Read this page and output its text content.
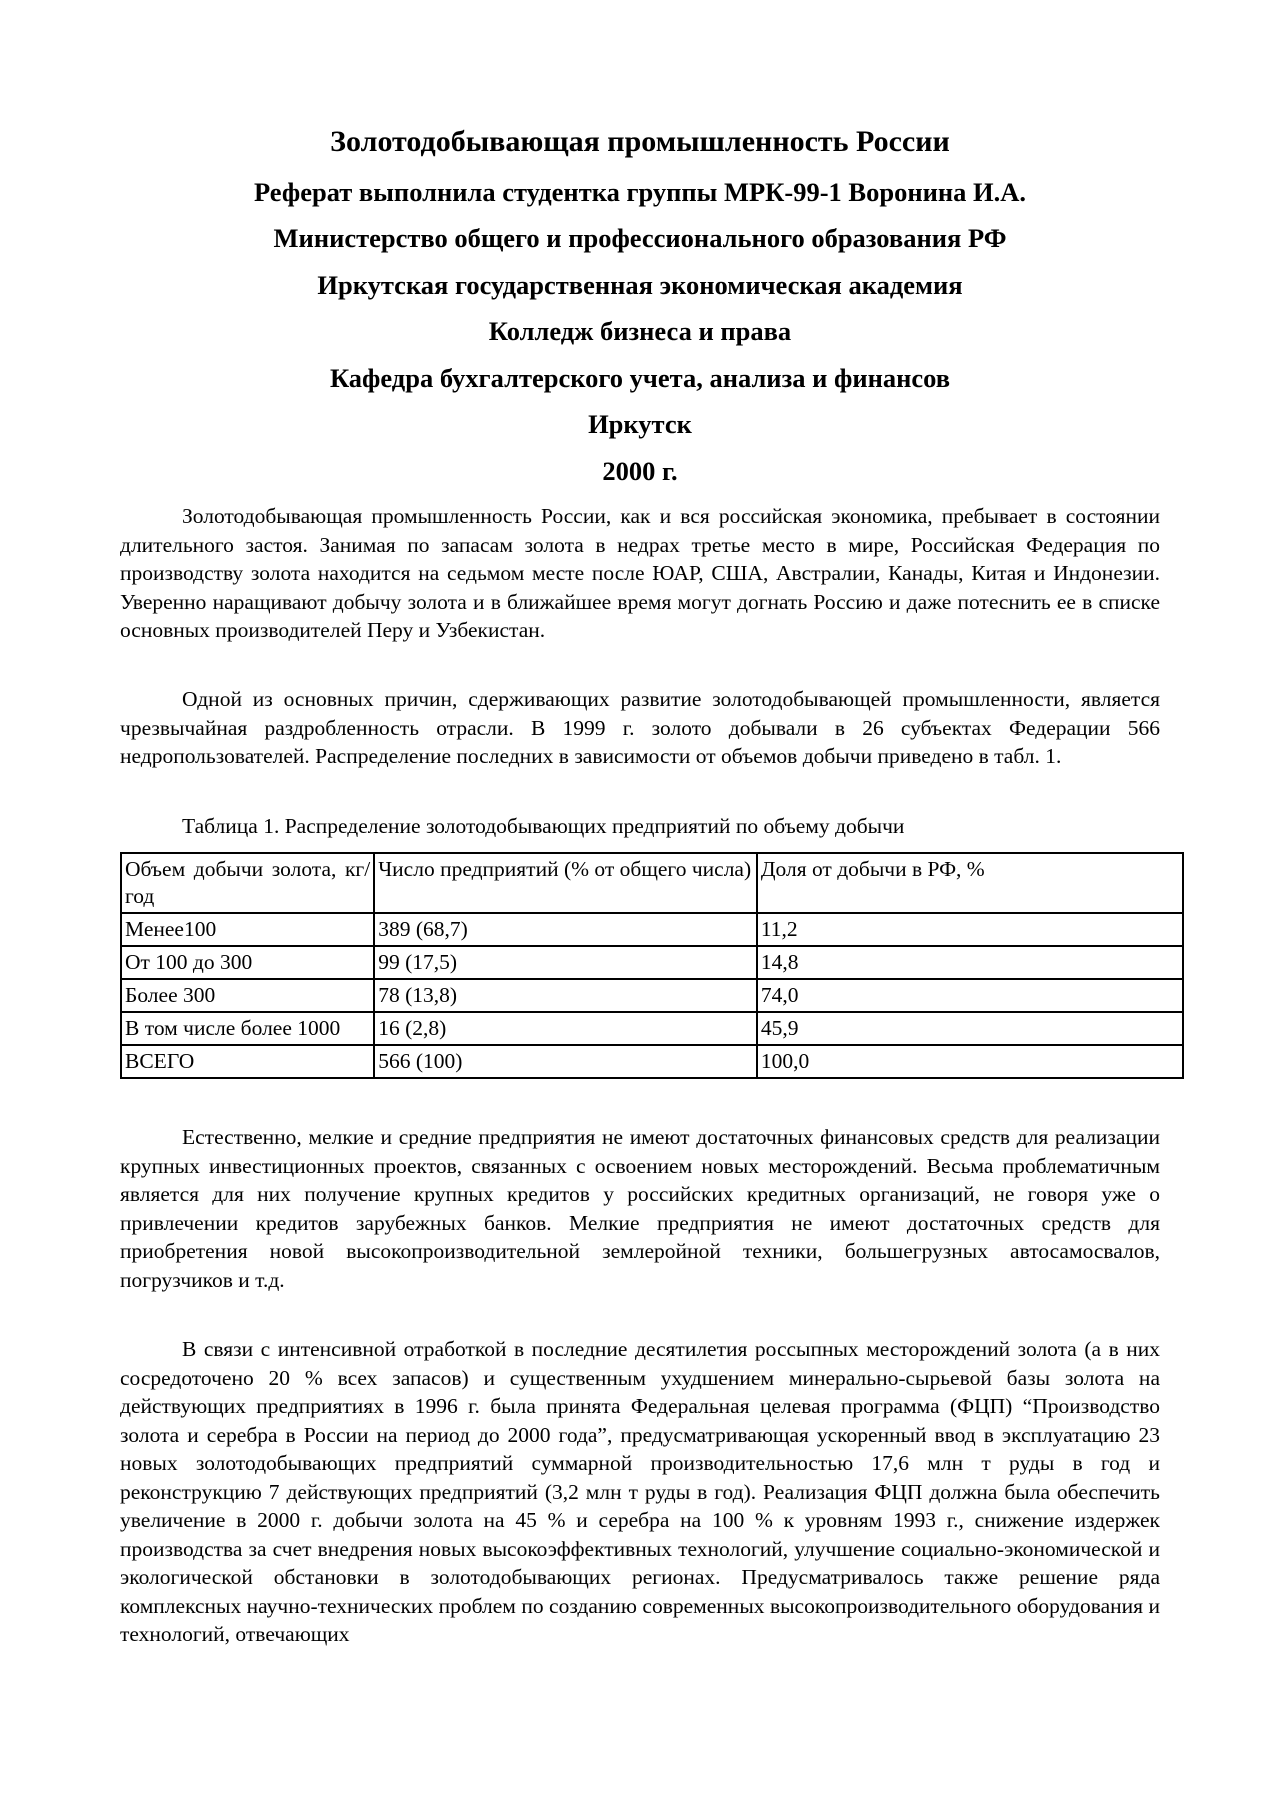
Золотодобывающая промышленность России
Реферат выполнила студентка группы МРК-99-1 Воронина И.А.
Министерство общего и профессионального образования РФ
Иркутская государственная экономическая академия
Колледж бизнеса и права
Кафедра бухгалтерского учета, анализа и финансов
Иркутск
2000 г.

Золотодобывающая промышленность России, как и вся российская экономика, пребывает в состоянии длительного застоя. Занимая по запасам золота в недрах третье место в мире, Российская Федерация по производству золота находится на седьмом месте после ЮАР, США, Австралии, Канады, Китая и Индонезии. Уверенно наращивают добычу золота и в ближайшее время могут догнать Россию и даже потеснить ее в списке основных производителей Перу и Узбекистан.

Одной из основных причин, сдерживающих развитие золотодобывающей промышленности, является чрезвычайная раздробленность отрасли. В 1999 г. золото добывали в 26 субъектах Федерации 566 недропользователей. Распределение последних в зависимости от объемов добычи приведено в табл. 1.

Таблица 1. Распределение золотодобывающих предприятий по объему добычи
Объем добычи золота, кг/год	Число предприятий (% от общего числа)	Доля от добычи в РФ, %
Менее100	389 (68,7)	11,2
От 100 до 300	99 (17,5)	14,8
Более 300	78 (13,8)	74,0
В том числе более 1000	16 (2,8)	45,9
ВСЕГО	566 (100)	100,0

Естественно, мелкие и средние предприятия не имеют достаточных финансовых средств для реализации крупных инвестиционных проектов, связанных с освоением новых месторождений. Весьма проблематичным является для них получение крупных кредитов у российских кредитных организаций, не говоря уже о привлечении кредитов зарубежных банков. Мелкие предприятия не имеют достаточных средств для приобретения новой высокопроизводительной землеройной техники, большегрузных автосамосвалов, погрузчиков и т.д.

В связи с интенсивной отработкой в последние десятилетия россыпных месторождений золота (а в них сосредоточено 20 % всех запасов) и существенным ухудшением минерально-сырьевой базы золота на действующих предприятиях в 1996 г. была принята Федеральная целевая программа (ФЦП) “Производство золота и серебра в России на период до 2000 года”, предусматривающая ускоренный ввод в эксплуатацию 23 новых золотодобывающих предприятий суммарной производительностью 17,6 млн т руды в год и реконструкцию 7 действующих предприятий (3,2 млн т руды в год). Реализация ФЦП должна была обеспечить увеличение в 2000 г. добычи золота на 45 % и серебра на 100 % к уровням 1993 г., снижение издержек производства за счет внедрения новых высокоэффективных технологий, улучшение социально-экономической и экологической обстановки в золотодобывающих регионах. Предусматривалось также решение ряда комплексных научно-технических проблем по созданию современных высокопроизводительного оборудования и технологий, отвечающих
